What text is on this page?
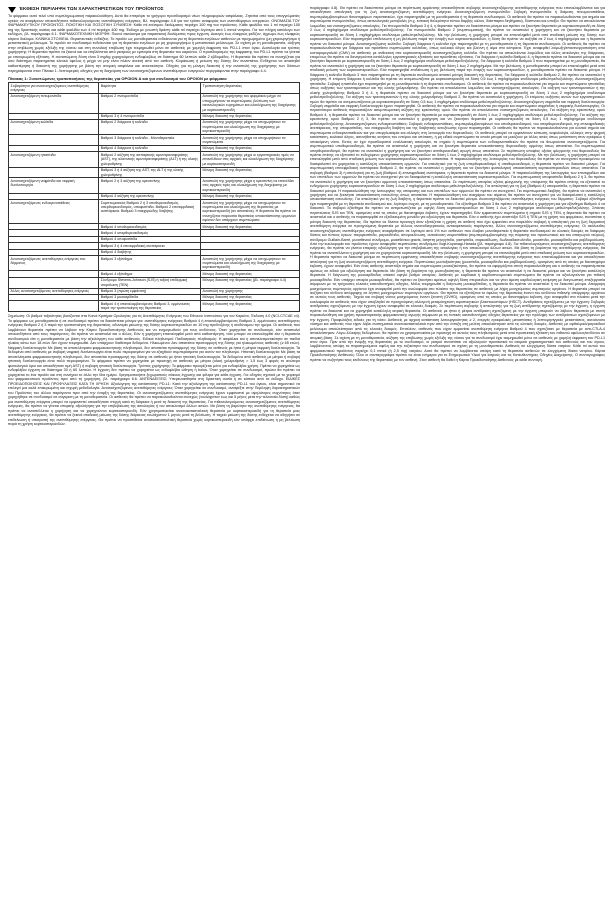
ΈΚΘΕΣΗ ΠΕΡΙΛΗΨΗ ΤΩΝ ΧΑΡΑΚΤΗΡΙΣΤΙΚΩΝ ΤΟΥ ΠΡΟΪΟΝΤΟΣ

Το φάρμακο αυτό τελεί υπό συμπληρωματική παρακολούθηση. Αυτό θα επιτρέψει το γρήγορο προσδιορισμό νέων πληροφοριών ασφάλειας. Ζητείται από τους επαγγελματίες υγείας να αναφέρουν οποιεσδήποτε πιθανολογούμενες ανεπιθύμητες ενέργειες. Βλ. παράγραφο 4.8 για τον τρόπο αναφοράς των ανεπιθύμητων ενεργειών. ΟΝΟΜΑΣΙΑ ΤΟΥ ΦΑΡΜΑΚΕΥΤΙΚΟΥ ΠΡΟΪΟΝΤΟΣ. ΠΟΙΟΤΙΚΗ ΚΑΙ ΠΟΣΟΤΙΚΗ ΣΥΝΘΕΣΗ: Κάθε ml ενέσιμου διαλύματος περιέχει 100 mg του προϊόντος. Κάθε φιαλίδιο του 1 ml περιέχει 100 mg της δραστικής ουσίας και κάθε φιαλίδιο των 4 ml περιέχει 400 mg. Έκδοχο με γνωστή δράση: κάθε ml περιέχει λιγότερο από 1 mmol νατρίου. Για τον πλήρη κατάλογο των εκδόχων, βλ. παράγραφο 6.1. ΦΑΡΜΑΚΟΤΕΧΝΙΚΗ ΜΟΡΦΗ: Πυκνό σκεύασμα για παρασκευή διαλύματος προς έγχυση. Διαυγές έως ελαφρώς ιριδίζον, άχρωμο έως ελαφρώς κίτρινο διάλυμα. ΚΛΙΝΙΚΑ ΣΤΟΙΧΕΙΑ. Θεραπευτικές ενδείξεις: Το προϊόν ως μονοθεραπεία ενδείκνυται για τη θεραπεία ενηλίκων ασθενών με προχωρημένο (μη χειρουργήσιμο ή μεταστατικό) μελάνωμα. Το προϊόν σε συνδυασμό ενδείκνυται για τη θεραπεία ενηλίκων με μη χειρουργήσιμο ή μεταστατικό μελάνωμα. Σε σχέση με τη μονοθεραπεία, αύξηση στην επιβίωση χωρίς εξέλιξη της νόσου και στη συνολική επιβίωση έχει τεκμηριωθεί μόνο σε ασθενείς με χαμηλή έκφραση του PD-L1 στον όγκο. Δοσολογία και τρόπος χορήγησης: Η θεραπεία πρέπει να ξεκινά και να επιβλέπεται από γιατρούς με εμπειρία στη θεραπεία του καρκίνου. Ο προσδιορισμός της έκφρασης του PD-L1 πρέπει να γίνεται με επικυρωμένη εξέταση. Η συνιστώμενη δόση είναι 3 mg/kg χορηγούμενη ενδοφλεβίως σε διάστημα 60 λεπτών κάθε 2 εβδομάδες. Η θεραπεία θα πρέπει να συνεχίζεται για όσο διάστημα παρατηρείται κλινικό όφελος ή μέχρι να μην είναι πλέον ανεκτή από τον ασθενή. Κλιμάκωση ή μείωση της δόσης δεν συνιστάται. Ενδέχεται να απαιτηθεί καθυστέρηση ή διακοπή της χορήγησης με βάση την ατομική ασφάλεια και ανεκτικότητα. Οδηγίες για τη μόνιμη διακοπή ή την αναστολή της χορήγησης των δόσεων περιγράφονται στον Πίνακα 1. Λεπτομερείς οδηγίες για τη διαχείριση των ανοσοσχετιζόμενων ανεπιθύμητων ενεργειών περιγράφονται στην παράγραφο 4.4.

Πίνακας 1: Συνιστώμενες τροποποιήσεις της θεραπείας για ΟΡΟΙΟΝ A και για συνδυασμό του ΟΡΟΙΟΝ με φάρμακο
Σοβαρότητα για ανοσοσχετιζόμενες ανεπιθύμητες ενέργειες	Βαρύτητα	Τροποποίηση θεραπείας
Ανοσοσχετιζόμενη πνευμονίτιδα	Βαθμού 2 πνευμονίτιδα	Αναστολή της χορήγησης του φαρμάκου μέχρι να υποχωρήσουν τα συμπτώματα, βελτίωση των ακτινολογικών ευρημάτων και ολοκλήρωση της διαχείρισης με κορτικοστεροειδή
	Βαθμού 3 ή 4 πνευμονίτιδα	Μόνιμη διακοπή της θεραπείας
Ανοσοσχετιζόμενη κολίτιδα	Βαθμού 2 διάρροια ή κολίτιδα	Αναστολή της χορήγησης μέχρι να υποχωρήσουν τα συμπτώματα και ολοκλήρωση της διαχείρισης με κορτικοστεροειδή
	Βαθμού 3 διάρροια ή κολίτιδα - Μονοθεραπεία	Αναστολή της χορήγησης μέχρι να υποχωρήσουν τα συμπτώματα
	Βαθμού 4 διάρροια ή κολίτιδα	Μόνιμη διακοπή της θεραπείας
Ανοσοσχετιζόμενη ηπατίτιδα	Βαθμού 2 αύξηση της ασπαρτικής αμινοτρανσφεράσης (AST), της αλανινικής αμινοτρανσφεράσης (ALT) ή της ολικής χολερυθρίνης	Αναστολή της χορήγησης μέχρι οι εργαστηριακές τιμές να επανέλθουν στις αρχικές και ολοκλήρωση της διαχείρισης με κορτικοστεροειδή
	Βαθμού 3 ή 4 αύξηση της AST, της ALT ή της ολικής χολερυθρίνης	Μόνιμη διακοπή της θεραπείας
Ανοσοσχετιζόμενη νεφρίτιδα και νεφρική δυσλειτουργία	Βαθμού 2 ή 3 αύξηση της κρεατινίνης	Αναστολή της χορήγησης μέχρι η κρεατινίνη να επανέλθει στις αρχικές τιμές και ολοκλήρωση της διαχείρισης με κορτικοστεροειδή
	Βαθμού 4 αύξηση της κρεατινίνης	Μόνιμη διακοπή της θεραπείας
Ανοσοσχετιζόμενες ενδοκρινοπάθειες	Συμπτωματικός Βαθμού 2 ή 3 υποθυρεοειδισμός, υπερθυρεοειδισμός, υποφυσίτιδα. Βαθμού 2 επινεφριδιακή ανεπάρκεια. Βαθμού 3 σακχαρώδης διαβήτης	Αναστολή της χορήγησης μέχρι να υποχωρήσουν τα συμπτώματα και ολοκλήρωση της θεραπείας με κορτικοστεροειδή (αν απαιτείται). Η θεραπεία θα πρέπει να συνεχίζεται παρουσία θεραπείας υποκατάστασης ορμονών εφόσον δεν υπάρχουν συμπτώματα
	Βαθμού 4 υποθυρεοειδισμός	Μόνιμη διακοπή της θεραπείας
	Βαθμού 4 υπερθυρεοειδισμός	
	Βαθμού 4 υποφυσίτιδα	
	Βαθμού 3 ή 4 επινεφριδιακή ανεπάρκεια	
	Βαθμού 4 διαβήτης	
Ανοσοσχετιζόμενες ανεπιθύμητες ενέργειες του δέρματος	Βαθμού 3 εξάνθημα	Αναστολή της χορήγησης μέχρι να υποχωρήσουν τα συμπτώματα και ολοκλήρωση της διαχείρισης με κορτικοστεροειδή
	Βαθμού 4 εξάνθημα	Μόνιμη διακοπή της θεραπείας
	Σύνδρομο Stevens-Johnson (SJS) ή τοξική επιδερμική νεκρόλυση (TEN)	Μόνιμη διακοπή της θεραπείας (βλ. παράγραφο 4.4)
Άλλες ανοσοσχετιζόμενες ανεπιθύμητες ενέργειες	Βαθμού 3 (πρώτη εμφάνιση)	Αναστολή της χορήγησης
	Βαθμού 3 μυοκαρδίτιδα	Μόνιμη διακοπή της θεραπείας
	Βαθμού 4 ή επαναλαμβανόμενες Βαθμού 3, εμμένουσες παρά την τροποποίηση της θεραπείας	Μόνιμη διακοπή της θεραπείας

Σημείωση: Οι βαθμοί τοξικότητας βασίζονται στα Κοινά Κριτήρια Ορολογίας για τις Ανεπιθύμητες Ενέργειες του Εθνικού Ινστιτούτου για τον Καρκίνο, Έκδοση 4.0 (NCI-CTCAE v4). Το φάρμακο ως μονοθεραπεία ή σε συνδυασμό πρέπει να διακόπτεται μόνιμα για: ανεπιθύμητες ενέργειες Βαθμού 4 ή επαναλαμβανόμενες Βαθμού 3, εμμένουσες ανεπιθύμητες ενέργειες Βαθμού 2 ή 3 παρά την τροποποίηση της θεραπείας, αδυναμία μείωσης της δόσης κορτικοστεροειδών σε 10 mg πρεδνιζόνης ή ισοδύναμου την ημέρα. Οι ασθενείς που λαμβάνουν θεραπεία πρέπει να λάβουν την Κάρτα Προειδοποίησης Ασθενούς και να ενημερωθούν για τους κινδύνους. Όταν χορηγείται σε συνδυασμό, εάν ανασταλεί οποιοσδήποτε από τους παράγοντες, θα πρέπει να ανασταλεί και ο άλλος. Εάν η χορήγηση επαναληφθεί μετά από καθυστέρηση, τότε μπορεί να επαναληφθεί είτε η θεραπεία συνδυασμού είτε η μονοθεραπεία με βάση την αξιολόγηση του κάθε ασθενούς. Ειδικοί πληθυσμοί: Παιδιατρικός πληθυσμός: Η ασφάλεια και η αποτελεσματικότητα σε παιδιά ηλικίας κάτω των 18 ετών δεν έχουν τεκμηριωθεί. Δεν υπάρχουν διαθέσιμα δεδομένα. Ηλικιωμένοι: Δεν απαιτείται προσαρμογή της δόσης για ηλικιωμένους ασθενείς (≥ 65 ετών). Νεφρική δυσλειτουργία: Με βάση τα αποτελέσματα φαρμακοκινητικής πληθυσμού, δεν απαιτείται προσαρμογή της δόσης σε ασθενείς με ήπια ή μέτρια νεφρική δυσλειτουργία. Τα δεδομένα από ασθενείς με σοβαρή νεφρική δυσλειτουργία είναι πολύ περιορισμένα για να εξαχθούν συμπεράσματα για αυτόν τον πληθυσμό. Ηπατική δυσλειτουργία: Με βάση τα αποτελέσματα φαρμακοκινητικής πληθυσμού, δεν απαιτείται προσαρμογή της δόσης σε ασθενείς με ήπια ηπατική δυσλειτουργία. Τα δεδομένα από ασθενείς με μέτρια ή σοβαρή ηπατική δυσλειτουργία είναι πολύ περιορισμένα. Το φάρμακο πρέπει να χορηγείται με προσοχή σε ασθενείς με μέτρια (ολική χολερυθρίνη > 1,5 έως 3 φορές το ανώτερο φυσιολογικό όριο και οποιαδήποτε τιμή AST) ή σοβαρή ηπατική δυσλειτουργία. Τρόπος χορήγησης: Το φάρμακο προορίζεται μόνο για ενδοφλέβια χρήση. Πρέπει να χορηγείται ως ενδοφλέβια έγχυση σε διάστημα 30 ή 60 λεπτών. Η έγχυση δεν πρέπει να χορηγείται ως ενδοφλέβια ώθηση ή bolus. Όταν χορηγείται σε συνδυασμό, πρώτα θα πρέπει να χορηγείται το ένα προϊόν και στη συνέχεια το άλλο την ίδια ημέρα. Χρησιμοποιήστε ξεχωριστούς σάκους έγχυσης και φίλτρα για κάθε έγχυση. Για οδηγίες σχετικά με το χειρισμό του φαρμακευτικού προϊόντος πριν από τη χορήγηση, βλ. παράγραφο 6.6. ΑΝΤΕΝΔΕΙΞΕΙΣ: Υπερευαισθησία στη δραστική ουσία ή σε κάποιο από τα έκδοχα. ΕΙΔΙΚΕΣ ΠΡΟΕΙΔΟΠΟΙΗΣΕΙΣ ΚΑΙ ΠΡΟΦΥΛΑΞΕΙΣ ΚΑΤΑ ΤΗ ΧΡΗΣΗ: Αξιολόγηση της κατάστασης PD-L1: Κατά την αξιολόγηση της κατάστασης PD-L1 του όγκου, είναι σημαντικό να επιλεγεί μια καλά επικυρωμένη και ισχυρή μεθοδολογία. Ανοσοσχετιζόμενες ανεπιθύμητες ενέργειες: Όταν χορηγείται σε συνδυασμό, ανατρέξτε στην Περίληψη Χαρακτηριστικών του Προϊόντος του άλλου παράγοντα πριν από την έναρξη της θεραπείας. Οι ανοσοσχετιζόμενες ανεπιθύμητες ενέργειες έχουν εμφανιστεί με υψηλότερες συχνότητες όταν χορηγήθηκε σε συνδυασμό σε σύγκριση με τη μονοθεραπεία. Οι ασθενείς θα πρέπει να παρακολουθούνται συνεχώς (τουλάχιστον έως και 5 μήνες μετά την τελευταία δόση) καθώς μια ανεπιθύμητη ενέργεια μπορεί να εμφανιστεί οποιαδήποτε στιγμή κατά τη διάρκεια ή μετά τη διακοπή της θεραπείας. Για πιθανολογούμενες ανοσοσχετιζόμενες ανεπιθύμητες ενέργειες, θα πρέπει να γίνεται επαρκής αξιολόγηση για την επιβεβαίωση της αιτιολογίας ή τον αποκλεισμό άλλων αιτιών. Με βάση τη βαρύτητα της ανεπιθύμητης ενέργειας, θα πρέπει να αναστέλλεται η χορήγηση και να χορηγούνται κορτικοστεροειδή. Εάν χρησιμοποιείται ανοσοκατασταλτική θεραπεία με κορτικοστεροειδή για τη θεραπεία μιας ανεπιθύμητης ενέργειας, θα πρέπει να ξεκινά σταδιακή μείωση της δόσης διάρκειας τουλάχιστον 1 μηνός μετά τη βελτίωση. Η ταχεία μείωση της δόσης ενδέχεται να οδηγήσει σε επιδείνωση ή υποτροπή της ανεπιθύμητης ενέργειας. Θα πρέπει να προστίθεται ανοσοκατασταλτική θεραπεία χωρίς κορτικοστεροειδή εάν υπάρχει επιδείνωση ή μη βελτίωση παρά τη χρήση κορτικοστεροειδών.

παράγραφο 4.8). Θα πρέπει να διακόπτεται μόνιμα σε περίπτωση εμφάνισης οποιασδήποτε σοβαρής ανοσοσχετιζόμενης ανεπιθύμητης ενέργειας που επαναλαμβάνεται και για οποιαδήποτε απειλητική για τη ζωή ανοσοσχετιζόμενη ανεπιθύμητη ενέργεια. Ανοσοσχετιζόμενη πνευμονίτιδα: Σοβαρή πνευμονίτιδα ή διάμεση πνευμονοπάθεια, συμπεριλαμβανομένων θανατηφόρων περιστατικών, έχει παρατηρηθεί με τη μονοθεραπεία ή τη θεραπεία συνδυασμού. Οι ασθενείς θα πρέπει να παρακολουθούνται για σημεία και συμπτώματα πνευμονίτιδας, όπως ακτινολογικές μεταβολές (π.χ. εστιακή θολερότητα τύπου θαμβής υάλου, διάσπαρτα διηθήματα), δύσπνοια και υποξία. Θα πρέπει να αποκλείονται λοιμώδεις και νοσοσχετιζόμενες αιτιολογίες. Για πνευμονίτιδα Βαθμού 3 ή 4, η θεραπεία πρέπει να διακόπτεται μόνιμα και πρέπει να ξεκινήσει θεραπεία με κορτικοστεροειδή σε δόση 2 έως 4 mg/kg/ημέρα ισοδύναμα μεθυλπρεδνιζολόνης. Για πνευμονίτιδα Βαθμού 2 (συμπτωματική), θα πρέπει να ανασταλεί η χορήγηση και να ξεκινήσει θεραπεία με κορτικοστεροειδή σε δόση 1 mg/kg/ημέρα ισοδύναμα μεθυλπρεδνιζολόνης. Με την βελτίωση, η χορήγηση μπορεί να επαναληφθεί μετά από σταδιακή μείωση της δόσης των κορτικοστεροειδών. Εάν παρατηρηθεί επιδείνωση ή μη βελτίωση παρά την έναρξη των κορτικοστεροειδών, η δόση θα πρέπει να αυξηθεί σε 2 έως 4 mg/kg/ημέρα και η θεραπεία πρέπει να διακοπεί μόνιμα. Ανοσοσχετιζόμενη κολίτιδα: Σοβαρή διάρροια ή κολίτιδα έχει παρατηρηθεί με τη μονοθεραπεία ή τη θεραπεία συνδυασμού. Οι ασθενείς θα πρέπει να παρακολουθούνται για διάρροια και πρόσθετα συμπτώματα κολίτιδας, όπως κοιλιακό άλγος και βλέννη ή αίμα στα κόπρανα. Έχει αναφερθεί λοίμωξη/επανενεργοποίηση από κυτταρομεγαλοϊό (CMV) σε ασθενείς με ανθεκτική στα κορτικοστεροειδή ανοσοσχετιζόμενη κολίτιδα. Θα πρέπει να αποκλείονται λοιμώδεις και άλλες αιτιολογίες της διάρροιας, επομένως θα πρέπει να διενεργούνται κατάλληλες εργαστηριακές εξετάσεις και πρόσθετες εξετάσεις. Για διάρροια ή κολίτιδα Βαθμού 4, η θεραπεία πρέπει να διακοπεί μόνιμα και να ξεκινήσει θεραπεία με κορτικοστεροειδή σε δόση 1 έως 2 mg/kg/ημέρα ισοδύναμα μεθυλπρεδνιζολόνης. Για διάρροια ή κολίτιδα Βαθμού 3 που παρατηρείται με τη μονοθεραπεία, θα πρέπει να ανασταλεί η χορήγηση και να ξεκινήσει θεραπεία με κορτικοστεροειδή σε δόση 1 έως 2 mg/kg/ημέρα. Με την βελτίωση, η μονοθεραπεία μπορεί να επαναληφθεί μετά από σταδιακή μείωση των κορτικοστεροειδών. Εάν παρατηρηθεί επιδείνωση ή μη βελτίωση παρά την έναρξη των κορτικοστεροειδών, η μονοθεραπεία πρέπει να διακοπεί μόνιμα. Η διάρροια ή κολίτιδα Βαθμού 3 που παρατηρείται με τη θεραπεία συνδυασμού απαιτεί μόνιμη διακοπή της θεραπείας. Για διάρροια ή κολίτιδα Βαθμού 2, θα πρέπει να ανασταλεί η χορήγηση. Η επίμονη διάρροια ή κολίτιδα θα πρέπει να αντιμετωπίζεται με κορτικοστεροειδή σε δόση 0,5 έως 1 mg/kg/ημέρα ισοδύναμα μεθυλπρεδνιζολόνης. Ανοσοσχετιζόμενη ηπατίτιδα: Σοβαρή ηπατίτιδα έχει παρατηρηθεί με τη μονοθεραπεία ή τη θεραπεία συνδυασμού. Οι ασθενείς θα πρέπει να παρακολουθούνται για σημεία και συμπτώματα ηπατίτιδας όπως αυξήσεις των τρανσαμινασών και της ολικής χολερυθρίνης. Θα πρέπει να αποκλείονται λοιμώδεις και νοσοσχετιζόμενες αιτιολογίες. Για αύξηση των τρανσαμινασών ή της ολικής χολερυθρίνης Βαθμού 3 ή 4, η θεραπεία πρέπει να διακοπεί μόνιμα και να ξεκινήσει θεραπεία με κορτικοστεροειδή σε δόση 1 έως 2 mg/kg/ημέρα ισοδύναμα μεθυλπρεδνιζολόνης. Για αύξηση των τρανσαμινασών ή της ολικής χολερυθρίνης Βαθμού 2, θα πρέπει να ανασταλεί η χορήγηση. Οι επίμονες αυξήσεις αυτών των εργαστηριακών τιμών θα πρέπει να αντιμετωπίζονται με κορτικοστεροειδή σε δόση 0,5 έως 1 mg/kg/ημέρα ισοδύναμα μεθυλπρεδνιζολόνης. Ανοσοσχετιζόμενη νεφρίτιδα και νεφρική δυσλειτουργία: Σοβαρή νεφρίτιδα και νεφρική δυσλειτουργία έχουν παρατηρηθεί. Οι ασθενείς θα πρέπει να παρακολουθούνται για σημεία και συμπτώματα νεφρίτιδας ή νεφρικής δυσλειτουργίας. Οι περισσότεροι ασθενείς παρουσιάζουν ασυμπτωματική αύξηση της κρεατινίνης ορού. Θα πρέπει να αποκλείονται νοσοσχετιζόμενες αιτιολογίες. Για αύξηση της κρεατινίνης ορού Βαθμού 4, η θεραπεία πρέπει να διακοπεί μόνιμα και να ξεκινήσει θεραπεία με κορτικοστεροειδή σε δόση 1 έως 2 mg/kg/ημέρα ισοδύναμα μεθυλπρεδνιζολόνης. Για αύξηση της κρεατινίνης ορού Βαθμού 2 ή 3, θα πρέπει να ανασταλεί η χορήγηση και να ξεκινήσει θεραπεία με κορτικοστεροειδή σε δόση 0,5 έως 1 mg/kg/ημέρα ισοδύναμα μεθυλπρεδνιζολόνης. Ανοσοσχετιζόμενες ενδοκρινοπάθειες: Σοβαρές ενδοκρινοπάθειες, συμπεριλαμβανομένων του υποθυρεοειδισμού, του υπερθυρεοειδισμού, της επινεφριδιακής ανεπάρκειας, της υποφυσίτιδας, του σακχαρώδη διαβήτη και της διαβητικής κετοξέωσης έχουν παρατηρηθεί. Οι ασθενείς θα πρέπει να παρακολουθούνται για κλινικά σημεία και συμπτώματα ενδοκρινοπαθειών και για υπεργλυκαιμία και αλλαγές στη λειτουργία του θυρεοειδούς. Οι ασθενείς μπορεί να εμφανίσουν κόπωση, κεφαλαλγία, αλλαγές στην ψυχική κατάσταση, κοιλιακό άλγος, ασυνήθιστες κινήσεις του εντέρου και υπόταση, ή μη ειδικά συμπτώματα τα οποία μπορεί να μοιάζουν με άλλες αιτίες όπως μετάσταση στον εγκέφαλο ή υποκείμενη νόσο. Εκτός αν έχει προσδιοριστεί εναλλακτική αιτιολογία, τα σημεία ή συμπτώματα των ενδοκρινοπαθειών θα πρέπει να θεωρούνται ανοσοσχετιζόμενα. Για συμπτωματικό υποθυρεοειδισμό, θα πρέπει να ανασταλεί η χορήγηση και να ξεκινήσει θεραπεία υποκατάστασης θυρεοειδικής ορμόνης όπως απαιτείται. Για συμπτωματικό υπερθυρεοειδισμό, θα πρέπει να ανασταλεί η χορήγηση και να ξεκινήσει αντιθυρεοειδική αγωγή όπως απαιτείται. Σε περίπτωση υποψίας οξείας φλεγμονής του θυρεοειδούς θα πρέπει επίσης να εξεταστεί το ενδεχόμενο χορήγησης κορτικοστεροειδών σε δόση 1 έως 2 mg/kg/ημέρα ισοδύναμα μεθυλπρεδνιζολόνης. Με την βελτίωση, η χορήγηση μπορεί να επαναληφθεί μετά από σταδιακή μείωση των κορτικοστεροειδών, εφόσον απαιτείται. Η παρακολούθηση της λειτουργίας του θυρεοειδούς θα πρέπει να συνεχιστεί προκειμένου να διασφαλιστεί ότι χορηγείται η κατάλληλη υποκατάσταση ορμονών. Για απειλητικό για τη ζωή υπερθυρεοειδισμό ή υποθυρεοειδισμό, η θεραπεία πρέπει να διακοπεί μόνιμα. Για συμπτωματική επινεφριδιακή ανεπάρκεια Βαθμού 2, θα πρέπει να ανασταλεί η χορήγηση και να ξεκινήσει φυσιολογική υποκατάσταση κορτικοστεροειδών όπως απαιτείται. Για σοβαρή (Βαθμού 3) ή απειλητική για τη ζωή (Βαθμού 4) επινεφριδιακή ανεπάρκεια, η θεραπεία πρέπει να διακοπεί μόνιμα. Η παρακολούθηση της λειτουργίας των επινεφριδίων και των επιπέδων των ορμονών θα πρέπει να συνεχιστεί για να διασφαλιστεί η κατάλληλη υποκατάσταση κορτικοστεροειδών. Για συμπτωματική υποφυσίτιδα Βαθμού 2 ή 3, θα πρέπει να ανασταλεί η χορήγηση και να ξεκινήσει ορμονική υποκατάσταση όπως απαιτείται. Σε περίπτωση υποψίας οξείας φλεγμονής της υπόφυσης θα πρέπει επίσης να εξεταστεί το ενδεχόμενο χορήγησης κορτικοστεροειδών σε δόση 1 έως 2 mg/kg/ημέρα ισοδύναμα μεθυλπρεδνιζολόνης. Για απειλητική για τη ζωή (Βαθμού 4) υποφυσίτιδα, η θεραπεία πρέπει να διακοπεί μόνιμα. Η παρακολούθηση της λειτουργίας της υπόφυσης και των επιπέδων των ορμονών θα πρέπει να συνεχιστεί. Για συμπτωματικό διαβήτη, θα πρέπει να ανασταλεί η χορήγηση και να ξεκινήσει υποκατάσταση ινσουλίνης όπως απαιτείται. Η παρακολούθηση του σακχάρου του αίματος θα πρέπει να συνεχιστεί για να διασφαλιστεί η κατάλληλη υποκατάσταση ινσουλίνης. Για απειλητικό για τη ζωή διαβήτη, η θεραπεία πρέπει να διακοπεί μόνιμα. Ανοσοσχετιζόμενες ανεπιθύμητες ενέργειες του δέρματος: Σοβαρό εξάνθημα έχει παρατηρηθεί με τη θεραπεία συνδυασμού και, λιγότερο συχνά, με τη μονοθεραπεία. Για εξάνθημα Βαθμού 3 θα πρέπει να ανασταλεί η χορήγηση και για εξάνθημα Βαθμού 4 να διακοπεί. Το σοβαρό εξάνθημα θα πρέπει να αντιμετωπίζεται με υψηλή δόση κορτικοστεροειδών σε δόση 1 έως 2 mg/kg/ημέρα ισοδύναμα μεθυλπρεδνιζολόνης. Σπάνιες περιπτώσεις SJS και TEN, ορισμένες από τις οποίες με θανατηφόρο έκβαση, έχουν παρατηρηθεί. Εάν εμφανιστούν συμπτώματα ή σημεία SJS ή TEN, η θεραπεία θα πρέπει να ανασταλεί και ο ασθενής να παραπεμφθεί σε εξειδικευμένη μονάδα για αξιολόγηση και θεραπεία. Εάν ο ασθενής έχει αναπτύξει SJS ή TEN με τη χρήση του φαρμάκου, συνιστάται η μόνιμη διακοπή της θεραπείας. Θα πρέπει να δίνεται προσοχή όταν εξετάζεται η χρήση σε ασθενή που έχει εμφανίσει στο παρελθόν σοβαρή ή απειλητική για τη ζωή δερματική ανεπιθύμητη ενέργεια σε προηγούμενη θεραπεία με άλλους ανοσοδιεγερτικούς αντικαρκινικούς παράγοντες. Άλλες ανοσοσχετιζόμενες ανεπιθύμητες ενέργειες: Οι ακόλουθες ανοσοσχετιζόμενες ανεπιθύμητες ενέργειες αναφέρθηκαν σε λιγότερο από 1% των ασθενών που έλαβαν μονοθεραπεία ή θεραπεία συνδυασμού σε κλινικές δοκιμές σε διάφορες δόσεις και τύπους όγκων: παγκρεατίτιδα, ραγοειδίτιδα, απομυελίνωση, αυτοάνοση νευροπάθεια (συμπεριλαμβανομένης της πάρεσης του προσωπικού και του απαγωγού νεύρου), σύνδρομο Guillain-Barré, μυασθενικό σύνδρομο, μυασθένεια gravis, άσηπτη μηνιγγίτιδα, γαστρίτιδα, σαρκοείδωση, δωδεκαδακτυλίτιδα, μυοσίτιδα, μυοκαρδίτιδα και ραβδομυόλυση. Από την κυκλοφορία του προϊόντος έχουν αναφερθεί περιπτώσεις συνδρόμου Vogt-Koyanagi-Harada (βλ. παράγραφο 4.8). Για πιθανολογούμενες ανοσοσχετιζόμενες ανεπιθύμητες ενέργειες, θα πρέπει να γίνεται επαρκής αξιολόγηση για την επιβεβαίωση της αιτιολογίας ή τον αποκλεισμό άλλων αιτιών. Με βάση τη βαρύτητα της ανεπιθύμητης ενέργειας, θα πρέπει να αναστέλλεται η χορήγηση και να χορηγούνται κορτικοστεροειδή. Με την βελτίωση, η χορήγηση μπορεί να επαναληφθεί μετά από σταδιακή μείωση των κορτικοστεροειδών. Η θεραπεία πρέπει να διακοπεί μόνιμα σε περίπτωση εμφάνισης οποιασδήποτε σοβαρής ανοσοσχετιζόμενης ανεπιθύμητης ενέργειας που επαναλαμβάνεται και για οποιαδήποτε απειλητική για τη ζωή ανοσοσχετιζόμενη ανεπιθύμητη ενέργεια. Περιπτώσεις μυοτοξικότητας (μυοσίτιδα, μυοκαρδίτιδα και ραβδομυόλυση), ορισμένες από τις οποίες με θανατηφόρο έκβαση, έχουν αναφερθεί. Εάν ένας ασθενής αναπτύξει σημεία και συμπτώματα μυοτοξικότητας, θα πρέπει να εφαρμόζεται στενή παρακολούθηση και ο ασθενής να παραπέμπεται αμέσως σε ειδικό για αξιολόγηση και θεραπεία. Με βάση τη βαρύτητα της μυοτοξικότητας, η θεραπεία θα πρέπει να ανασταλεί ή να διακοπεί μόνιμα και να ξεκινήσει κατάλληλη θεραπεία. Η διάγνωση της μυοκαρδίτιδας απαιτεί υψηλό βαθμό υποψίας. Ασθενείς με καρδιακά ή καρδιοπνευμονικά συμπτώματα θα πρέπει να αξιολογούνται για πιθανή μυοκαρδίτιδα. Εάν υπάρχει υποψία μυοκαρδίτιδας, θα πρέπει να ξεκινήσει αμέσως υψηλή δόση στεροειδών και να γίνει άμεση καρδιολογική εκτίμηση με διαγνωστική επεξεργασία σύμφωνα με τις τρέχουσες κλινικές κατευθυντήριες οδηγίες. Μόλις τεκμηριωθεί η διάγνωση μυοκαρδίτιδας, η θεραπεία θα πρέπει να ανασταλεί ή να διακοπεί μόνιμα. Απόρριψη μοσχεύματος συμπαγούς οργάνου έχει αναφερθεί μετά την κυκλοφορία στο πλαίσιο της θεραπείας σε ασθενείς με λήψη μοσχεύματος συμπαγούς οργάνου. Η θεραπεία μπορεί να αυξήσει τον κίνδυνο απόρριψης σε λήπτες μοσχευμάτων συμπαγών οργάνων. Θα πρέπει να εξετάζεται το όφελος της θεραπείας έναντι του κινδύνου πιθανής απόρριψης οργάνου σε αυτούς τους ασθενείς. Ταχεία και σοβαρή νόσος μοσχεύματος έναντι ξενιστή (GVHD), ορισμένες από τις οποίες με θανατηφόρο έκβαση, έχει αναφερθεί στο πλαίσιο μετά την κυκλοφορία σε ασθενείς που είχαν υποβληθεί σε προηγούμενη αλλογενή μεταμόσχευση αιμοποιητικών βλαστοκυττάρων (HSCT). Αντιδράσεις σχετιζόμενες με την έγχυση: Σοβαρές αντιδράσεις σχετιζόμενες με την έγχυση έχουν αναφερθεί σε κλινικές δοκιμές. Σε περίπτωση σοβαρής ή απειλητικής για τη ζωή αντίδρασης σχετιζόμενης με την έγχυση, η έγχυση πρέπει να διακοπεί και να χορηγηθεί κατάλληλη ιατρική θεραπεία. Οι ασθενείς με ήπια ή μέτρια αντίδραση σχετιζόμενη με την έγχυση μπορούν να λάβουν θεραπεία με στενή παρακολούθηση και χρήση προκαταρκτικής φαρμακευτικής αγωγής σύμφωνα με τις τοπικές κατευθυντήριες οδηγίες θεραπείας για την πρόληψη των αντιδράσεων σχετιζόμενων με την έγχυση. Προφυλάξεις ειδικές για τη νόσο: Ασθενείς με αρχική κατάσταση λειτουργικότητας ≥ 2, ενεργές εγκεφαλικές μεταστάσεις ή λεπτομηνιγγικές μεταστάσεις, αυτοάνοσο νόσημα και ασθενείς που είχαν λάβει συστηματικά ανοσοκατασταλτικά πριν από την ένταξη στη μελέτη αποκλείστηκαν από τις κλινικές δοκιμές. Ασθενείς με οφθαλμικό/ραγοειδικό μελάνωμα αποκλείστηκαν από τις κλινικές δοκιμές. Επιπλέον, ασθενείς που είχαν εμφανίσει ανεπιθύμητη ενέργεια Βαθμού 4 που σχετιζόταν με θεραπεία με αντι-CTLA-4 αποκλείστηκαν. Λόγω έλλειψης δεδομένων, θα πρέπει να χρησιμοποιείται με προσοχή σε αυτούς τους πληθυσμούς μετά από προσεκτική εξέταση του πιθανού οφέλους/κινδύνου σε ατομική βάση. Σε σχέση με τη μονοθεραπεία, αύξηση της επιβίωσης χωρίς εξέλιξη της νόσου για το συνδυασμό έχει τεκμηριωθεί μόνο σε ασθενείς με χαμηλή έκφραση του PD-L1 στον όγκο. Πριν από την έναρξη της θεραπείας με το συνδυασμό, οι γιατροί συνιστάται να αξιολογούν προσεκτικά τα ατομικά χαρακτηριστικά του ασθενούς και του όγκου, λαμβάνοντας υπόψη τα παρατηρούμενα οφέλη και την τοξικότητα του συνδυασμού σε σχέση με τη μονοθεραπεία. Ασθενείς σε ελεγχόμενη δίαιτα νατρίου: Κάθε ml αυτού του φαρμακευτικού προϊόντος περιέχει 0,1 mmol (ή 2,5 mg) νατρίου. Αυτό θα πρέπει να λαμβάνεται υπόψη κατά τη θεραπεία ασθενών σε ελεγχόμενη δίαιτα νατρίου. Κάρτα Προειδοποίησης Ασθενούς: Όλοι οι συνταγογράφοι πρέπει να είναι ενήμεροι για το Ενημερωτικό Υλικό για Ιατρούς και τις Κατευθυντήριες Οδηγίες Διαχείρισης. Ο συνταγογράφος πρέπει να συζητήσει τους κινδύνους της θεραπείας με τον ασθενή. Στον ασθενή θα δοθεί η Κάρτα Προειδοποίησης Ασθενούς με κάθε συνταγή.
